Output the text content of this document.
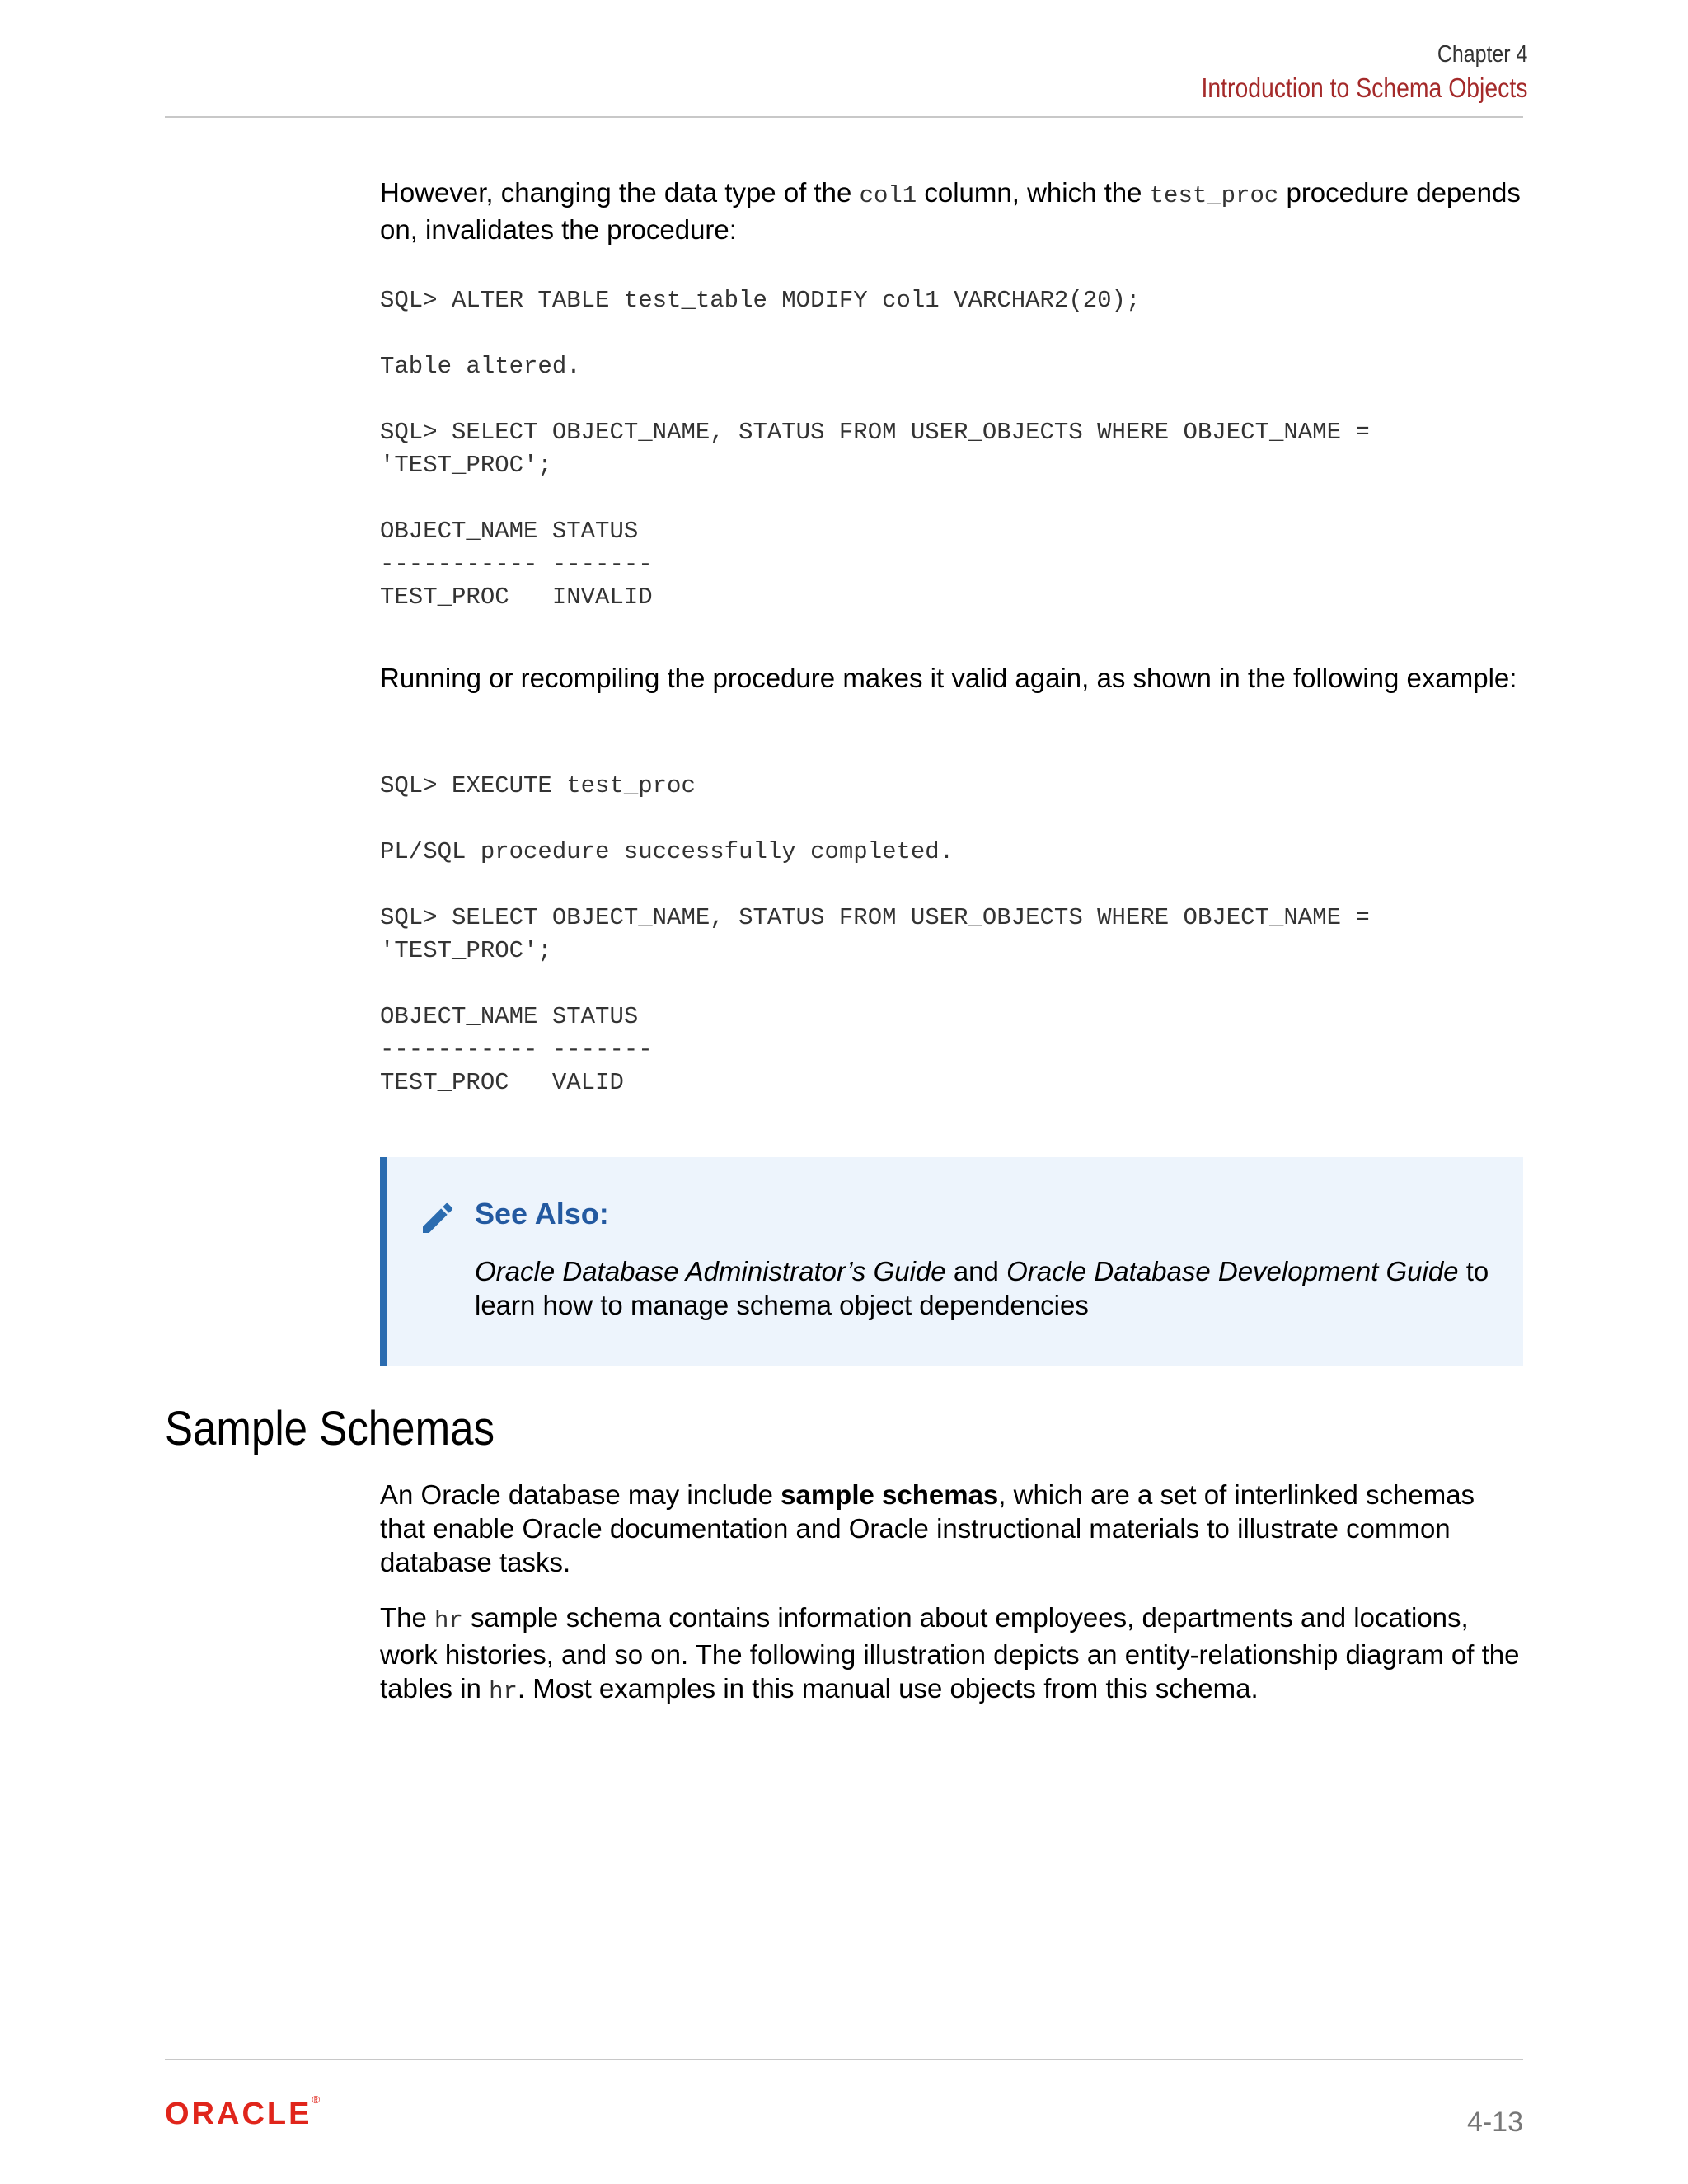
Chapter 4
Introduction to Schema Objects

However, changing the data type of the col1 column, which the test_proc procedure depends on, invalidates the procedure:

SQL> ALTER TABLE test_table MODIFY col1 VARCHAR2(20);

Table altered.

SQL> SELECT OBJECT_NAME, STATUS FROM USER_OBJECTS WHERE OBJECT_NAME =
'TEST_PROC';

OBJECT_NAME STATUS
----------- -------
TEST_PROC   INVALID

Running or recompiling the procedure makes it valid again, as shown in the following example:

SQL> EXECUTE test_proc

PL/SQL procedure successfully completed.

SQL> SELECT OBJECT_NAME, STATUS FROM USER_OBJECTS WHERE OBJECT_NAME =
'TEST_PROC';

OBJECT_NAME STATUS
----------- -------
TEST_PROC   VALID
See Also:
Oracle Database Administrator’s Guide and Oracle Database Development Guide to learn how to manage schema object dependencies
Sample Schemas

An Oracle database may include sample schemas, which are a set of interlinked schemas that enable Oracle documentation and Oracle instructional materials to illustrate common database tasks.

The hr sample schema contains information about employees, departments and locations, work histories, and so on. The following illustration depicts an entity-relationship diagram of the tables in hr. Most examples in this manual use objects from this schema.

ORACLE®
4-13
